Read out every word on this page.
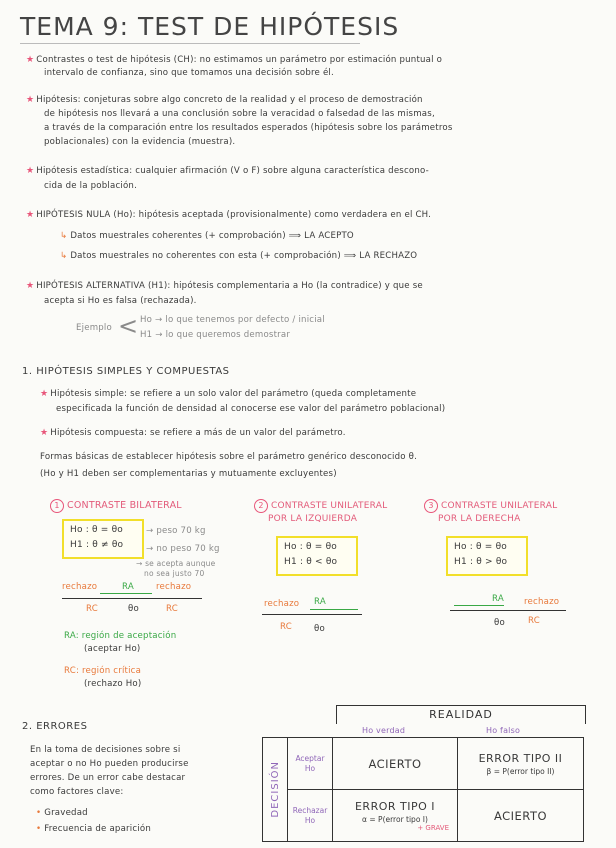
TEMA 9: TEST DE HIPÓTESIS
★ Contrastes o test de hipótesis (CH): no estimamos un parámetro por estimación puntual o
intervalo de confianza, sino que tomamos una decisión sobre él.
★ Hipótesis: conjeturas sobre algo concreto de la realidad y el proceso de demostración
de hipótesis nos llevará a una conclusión sobre la veracidad o falsedad de las mismas,
a través de la comparación entre los resultados esperados (hipótesis sobre los parámetros
poblacionales) con la evidencia (muestra).
★ Hipótesis estadística: cualquier afirmación (V o F) sobre alguna característica descono-
cida de la población.
★ HIPÓTESIS NULA (Ho): hipótesis aceptada (provisionalmente) como verdadera en el CH.
↳ Datos muestrales coherentes (+ comprobación) ⟹ LA ACEPTO
↳ Datos muestrales no coherentes con esta (+ comprobación) ⟹ LA RECHAZO
★ HIPÓTESIS ALTERNATIVA (H1): hipótesis complementaria a Ho (la contradice) y que se
acepta si Ho es falsa (rechazada).
Ejemplo < Ho → lo que tenemos por defecto / inicial
H1 → lo que queremos demostrar
1. HIPÓTESIS SIMPLES Y COMPUESTAS
★ Hipótesis simple: se refiere a un solo valor del parámetro (queda completamente
especificada la función de densidad al conocerse ese valor del parámetro poblacional)
★ Hipótesis compuesta: se refiere a más de un valor del parámetro.
Formas básicas de establecer hipótesis sobre el parámetro genérico desconocido θ.
(Ho y H1 deben ser complementarias y mutuamente excluyentes)
1 CONTRASTE BILATERAL
Ho : θ = θo
H1 : θ ≠ θo
→ peso 70 kg
→ no peso 70 kg
→ se acepta aunque
no sea justo 70
rechazo	RA	rechazo
RC	θo	RC
RA: región de aceptación
(aceptar Ho)
RC: región crítica
(rechazo Ho)
2 CONTRASTE UNILATERAL
POR LA IZQUIERDA
Ho : θ = θo
H1 : θ < θo
rechazo RA
RC	θo
3 CONTRASTE UNILATERAL
POR LA DERECHA
Ho : θ = θo
H1 : θ > θo
RA rechazo
θo	RC
2. ERRORES
En la toma de decisiones sobre si
aceptar o no Ho pueden producirse
errores. De un error cabe destacar
como factores clave:
• Gravedad
• Frecuencia de aparición
REALIDAD
Ho verdad	Ho falso
DECISIÓN	Aceptar Ho	ACIERTO	ERROR TIPO II
β = P(error tipo II)

	Rechazar Ho	ERROR TIPO I
α = P(error tipo I)
+ GRAVE	ACIERTO
